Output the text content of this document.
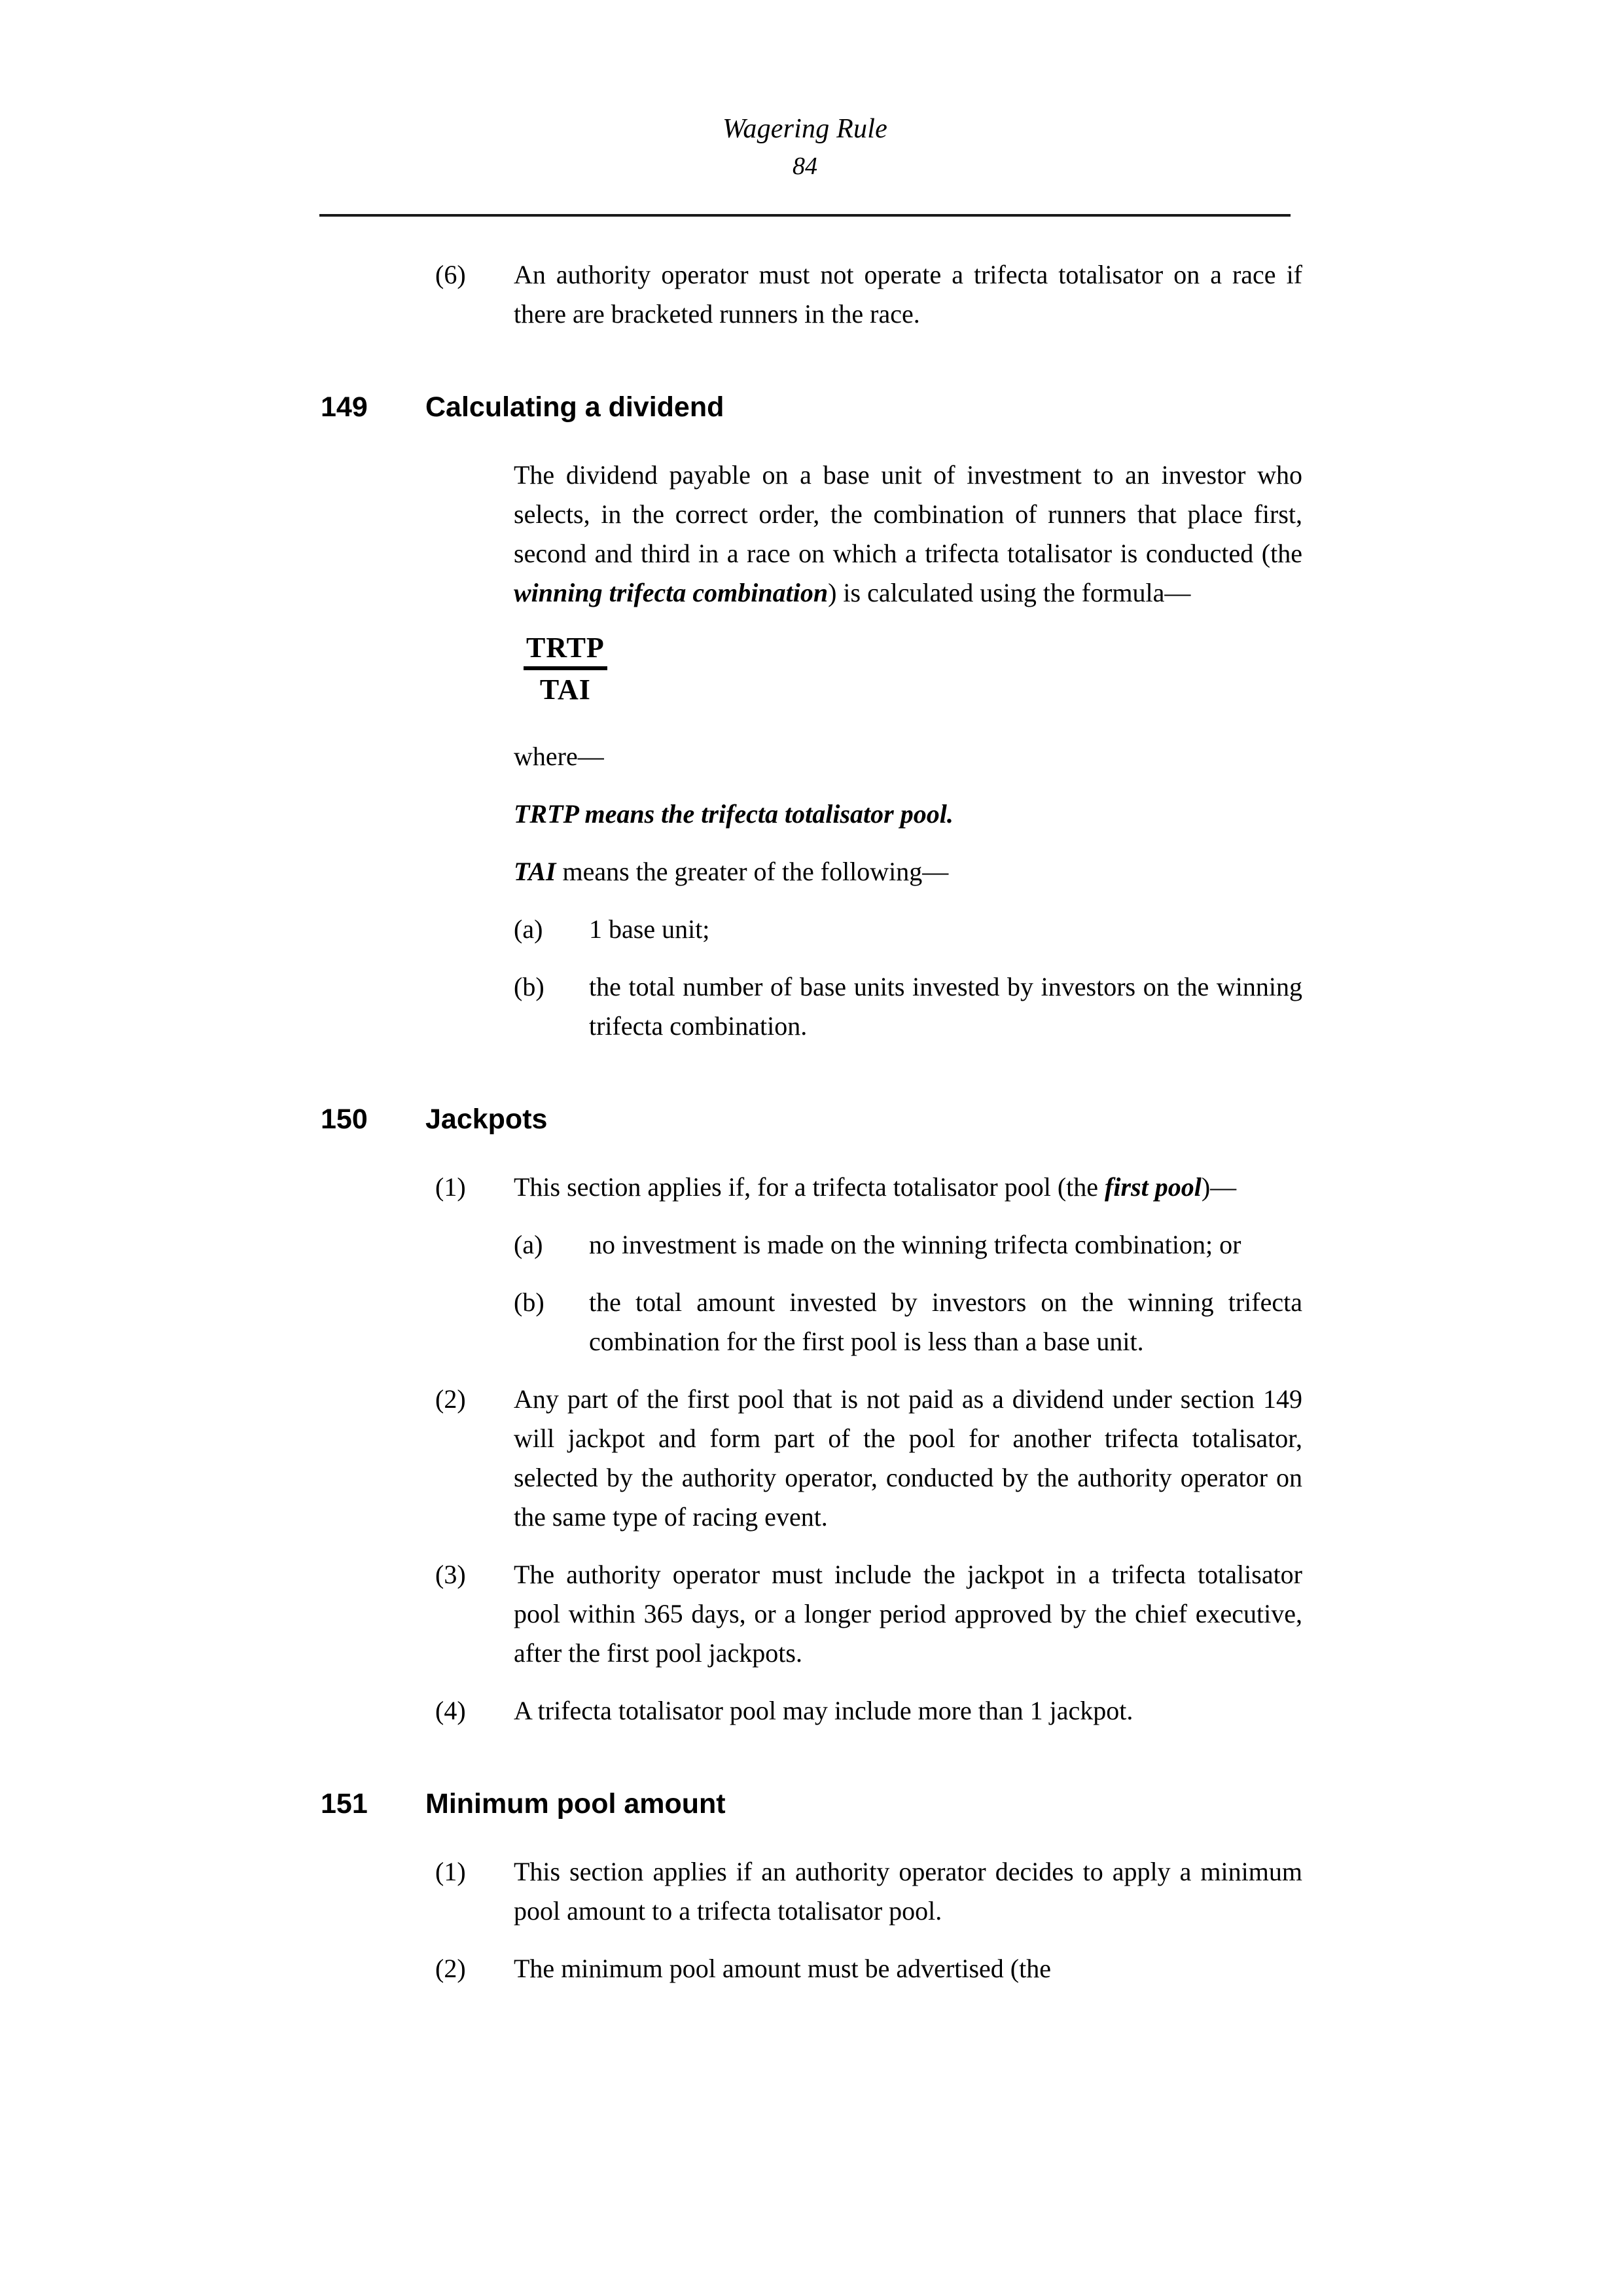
Wagering Rule
84
(6)	An authority operator must not operate a trifecta totalisator on a race if there are bracketed runners in the race.
149	Calculating a dividend
The dividend payable on a base unit of investment to an investor who selects, in the correct order, the combination of runners that place first, second and third in a race on which a trifecta totalisator is conducted (the winning trifecta combination) is calculated using the formula—
$\frac{\text{TRTP}}{\text{TAI}}$
where—
TRTP means the trifecta totalisator pool.
TAI means the greater of the following—
(a)	1 base unit;
(b)	the total number of base units invested by investors on the winning trifecta combination.
150	Jackpots
(1)	This section applies if, for a trifecta totalisator pool (the first pool)—
(a)	no investment is made on the winning trifecta combination; or
(b)	the total amount invested by investors on the winning trifecta combination for the first pool is less than a base unit.
(2)	Any part of the first pool that is not paid as a dividend under section 149 will jackpot and form part of the pool for another trifecta totalisator, selected by the authority operator, conducted by the authority operator on the same type of racing event.
(3)	The authority operator must include the jackpot in a trifecta totalisator pool within 365 days, or a longer period approved by the chief executive, after the first pool jackpots.
(4)	A trifecta totalisator pool may include more than 1 jackpot.
151	Minimum pool amount
(1)	This section applies if an authority operator decides to apply a minimum pool amount to a trifecta totalisator pool.
(2)	The minimum pool amount must be advertised (the
